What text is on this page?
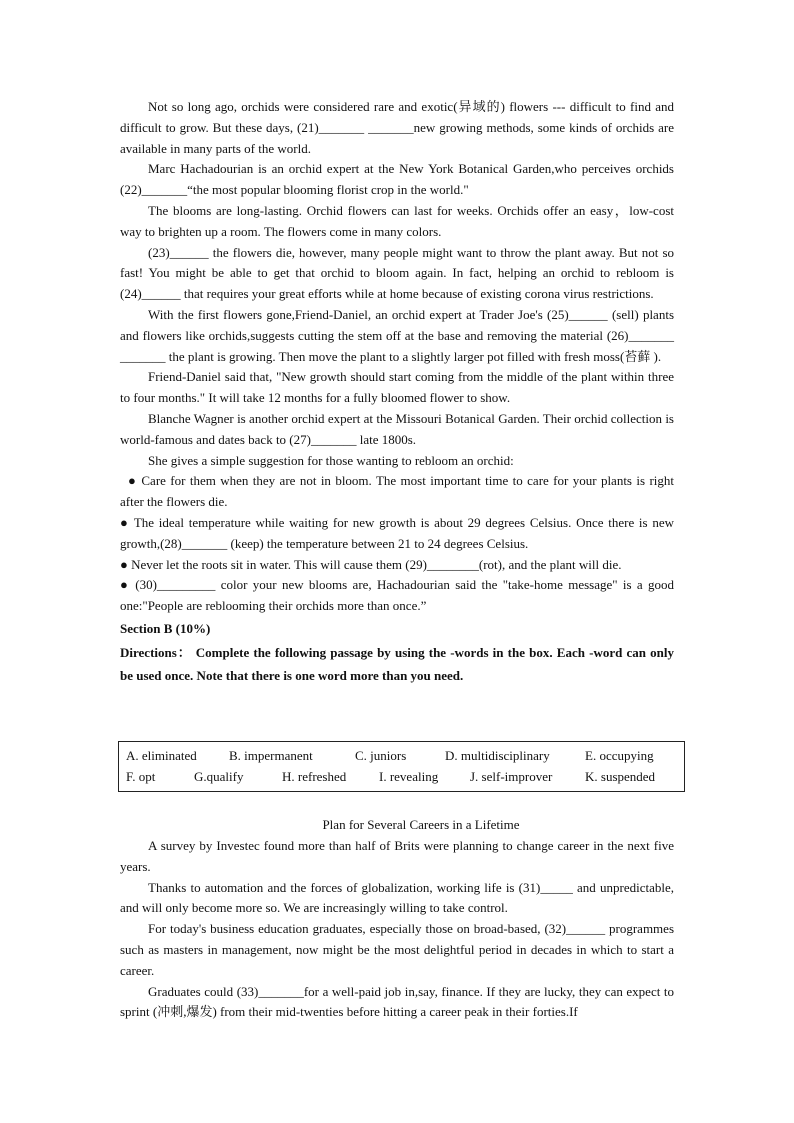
Not so long ago, orchids were considered rare and exotic(异域的) flowers --- difficult to find and difficult to grow. But these days, (21)_______ _______new growing methods, some kinds of orchids are available in many parts of the world.

Marc Hachadourian is an orchid expert at the New York Botanical Garden,who perceives orchids (22)_______“the most popular blooming florist crop in the world."

The blooms are long-lasting. Orchid flowers can last for weeks. Orchids offer an easy，low-cost way to brighten up a room. The flowers come in many colors.

(23)______ the flowers die, however, many people might want to throw the plant away. But not so fast! You might be able to get that orchid to bloom again. In fact, helping an orchid to rebloom is (24)______ that requires your great efforts while at home because of existing corona virus restrictions.

With the first flowers gone,Friend-Daniel, an orchid expert at Trader Joe's (25)______ (sell) plants and flowers like orchids,suggests cutting the stem off at the base and removing the material (26)_______ _______ the plant is growing. Then move the plant to a slightly larger pot filled with fresh moss(苔藓 ).

Friend-Daniel said that, "New growth should start coming from the middle of the plant within three to four months." It will take 12 months for a fully bloomed flower to show.

Blanche Wagner is another orchid expert at the Missouri Botanical Garden. Their orchid collection is world-famous and dates back to (27)_______ late 1800s.

She gives a simple suggestion for those wanting to rebloom an orchid:

● Care for them when they are not in bloom. The most important time to care for your plants is right after the flowers die.

● The ideal temperature while waiting for new growth is about 29 degrees Celsius. Once there is new growth,(28)_______ (keep) the temperature between 21 to 24 degrees Celsius.

● Never let the roots sit in water. This will cause them (29)________(rot), and the plant will die.

● (30)_________ color your new blooms are, Hachadourian said the "take-home message" is a good one:"People are reblooming their orchids more than once.”

Section B (10%)
Directions： Complete the following passage by using the -words in the box. Each -word can only be used once. Note that there is one word more than you need.
A. eliminated B. impermanent	C. juniors	D. multidisciplinary	E. occupying
F. opt	G.qualify	H. refreshed	I. revealing J. self-improver	K. suspended
Plan for Several Careers in a Lifetime

A survey by Investec found more than half of Brits were planning to change career in the next five years.

Thanks to automation and the forces of globalization, working life is (31)_____ and unpredictable, and will only become more so. We are increasingly willing to take control.

For today's business education graduates, especially those on broad-based, (32)______ programmes such as masters in management, now might be the most delightful period in decades in which to start a career.

Graduates could (33)_______for a well-paid job in,say, finance. If they are lucky, they can expect to sprint (冲刺,爆发) from their mid-twenties before hitting a career peak in their forties.If
